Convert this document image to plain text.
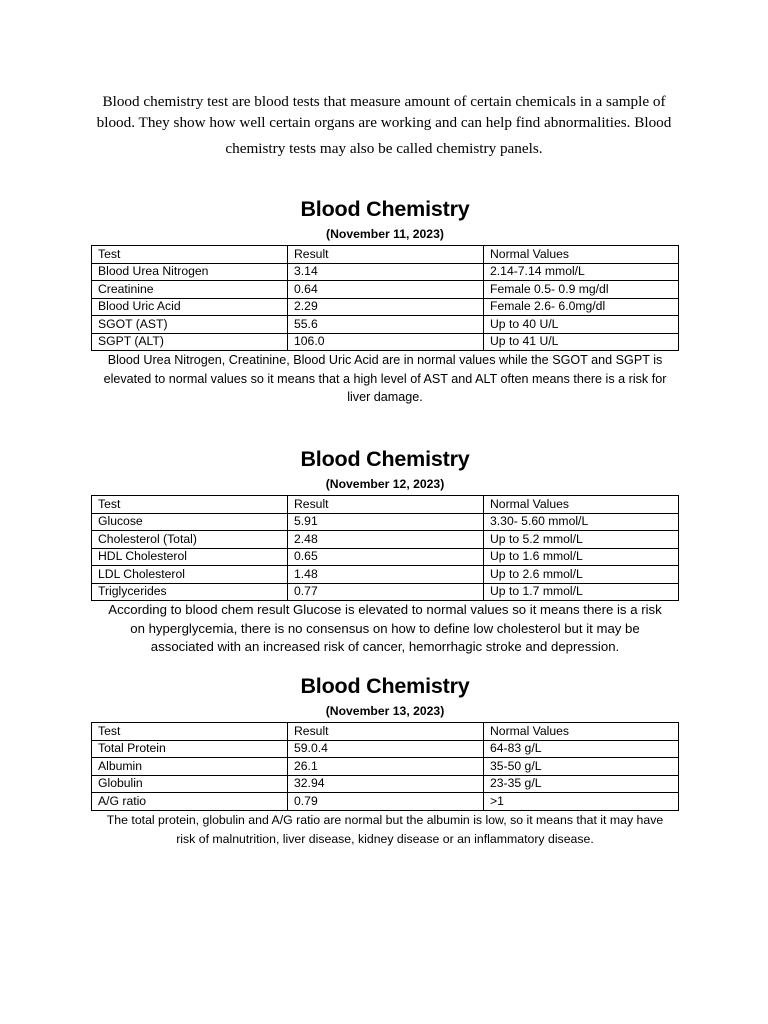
Blood chemistry test are blood tests that measure amount of certain chemicals in a sample of
blood. They show how well certain organs are working and can help find abnormalities. Blood
chemistry tests may also be called chemistry panels.
Blood Chemistry
(November 11, 2023)
Test	Result	Normal Values
Blood Urea Nitrogen	3.14	2.14-7.14 mmol/L
Creatinine	0.64	Female 0.5- 0.9 mg/dl
Blood Uric Acid	2.29	Female 2.6- 6.0mg/dl
SGOT (AST)	55.6	Up to 40 U/L
SGPT (ALT)	106.0	Up to 41 U/L
Blood Urea Nitrogen, Creatinine, Blood Uric Acid are in normal values while the SGOT and SGPT is
elevated to normal values so it means that a high level of AST and ALT often means there is a risk for
liver damage.
Blood Chemistry
(November 12, 2023)
Test	Result	Normal Values
Glucose	5.91	3.30- 5.60 mmol/L
Cholesterol (Total)	2.48	Up to 5.2 mmol/L
HDL Cholesterol	0.65	Up to 1.6 mmol/L
LDL Cholesterol	1.48	Up to 2.6 mmol/L
Triglycerides	0.77	Up to 1.7 mmol/L
According to blood chem result Glucose is elevated to normal values so it means there is a risk
on hyperglycemia, there is no consensus on how to define low cholesterol but it may be
associated with an increased risk of cancer, hemorrhagic stroke and depression.
Blood Chemistry
(November 13, 2023)
Test	Result	Normal Values
Total Protein	59.0.4	64-83 g/L
Albumin	26.1	35-50 g/L
Globulin	32.94	23-35 g/L
A/G ratio	0.79	>1
The total protein, globulin and A/G ratio are normal but the albumin is low, so it means that it may have
risk of malnutrition, liver disease, kidney disease or an inflammatory disease.
